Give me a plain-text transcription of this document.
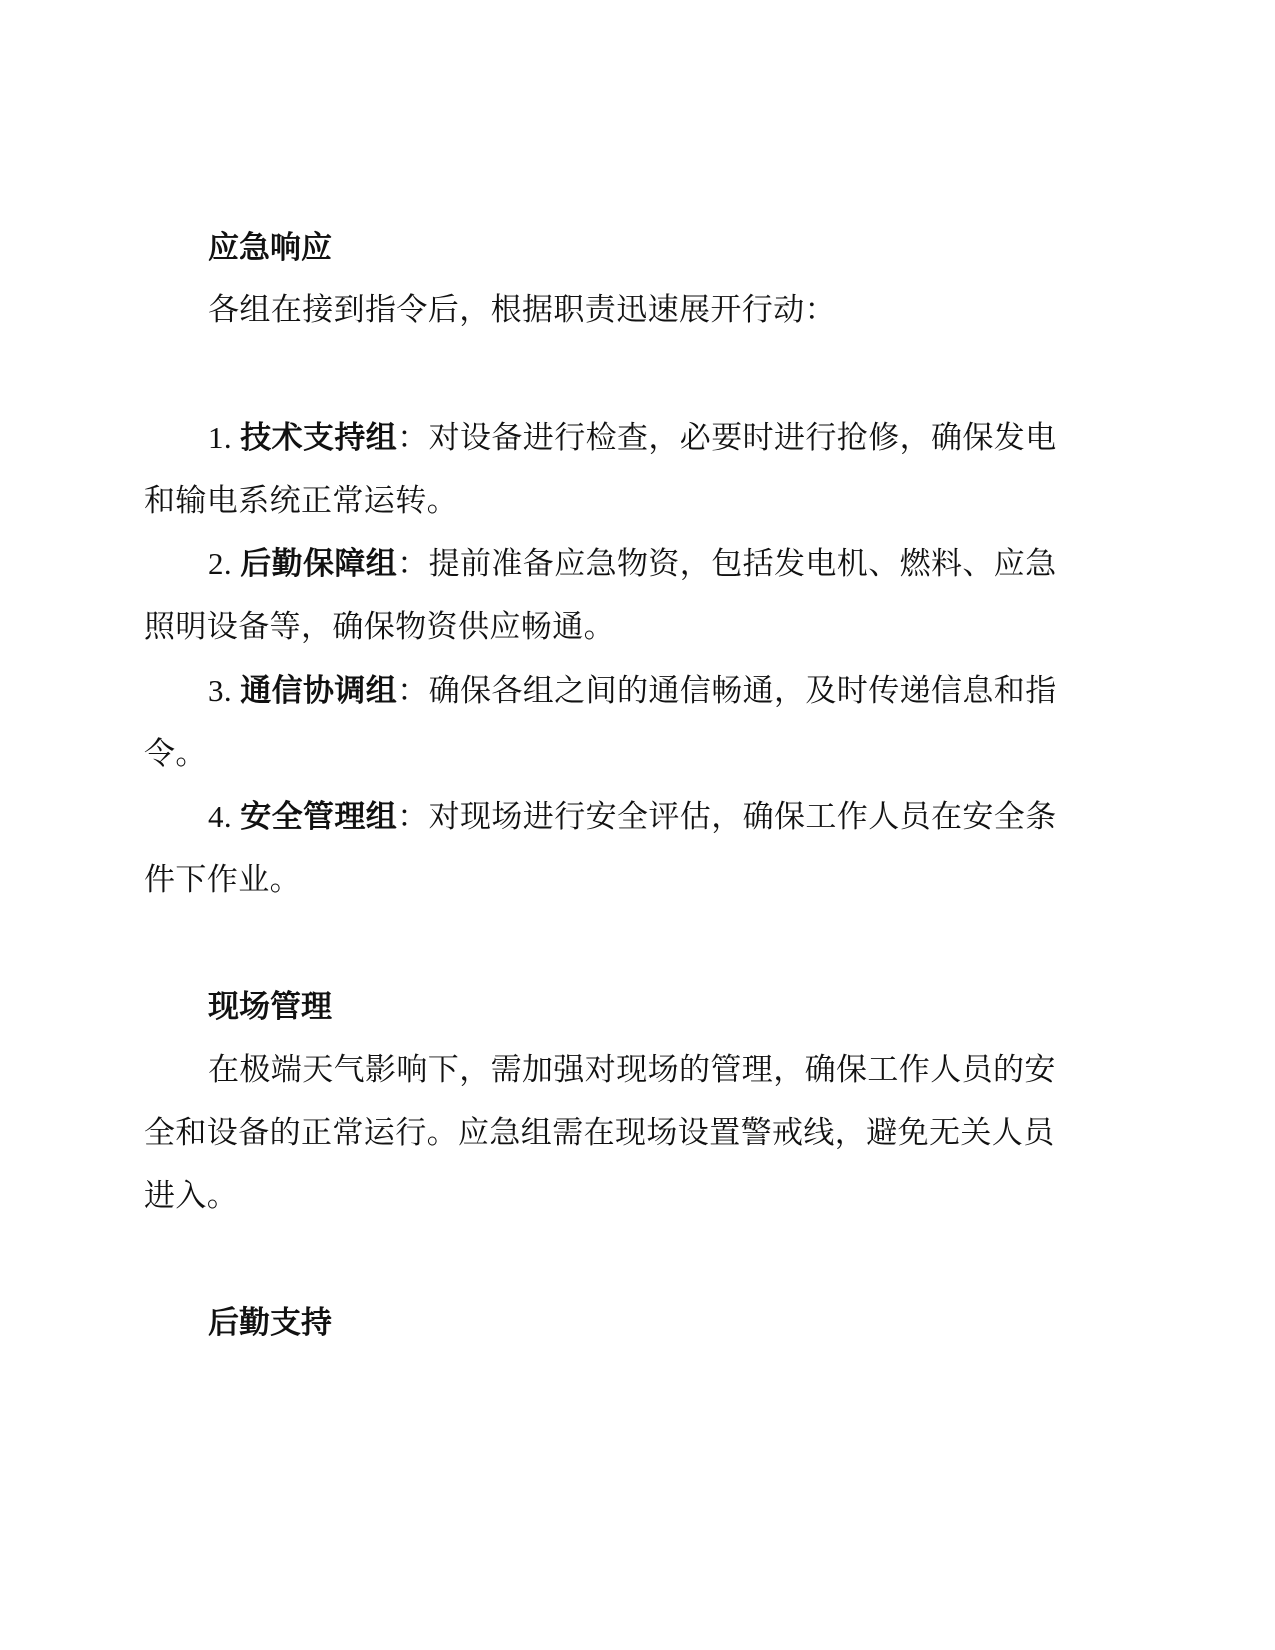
应急响应

各组在接到指令后，根据职责迅速展开行动：

1. 技术支持组：对设备进行检查，必要时进行抢修，确保发电和输电系统正常运转。

2. 后勤保障组：提前准备应急物资，包括发电机、燃料、应急照明设备等，确保物资供应畅通。

3. 通信协调组：确保各组之间的通信畅通，及时传递信息和指令。

4. 安全管理组：对现场进行安全评估，确保工作人员在安全条件下作业。

现场管理

在极端天气影响下，需加强对现场的管理，确保工作人员的安全和设备的正常运行。应急组需在现场设置警戒线，避免无关人员进入。

后勤支持
